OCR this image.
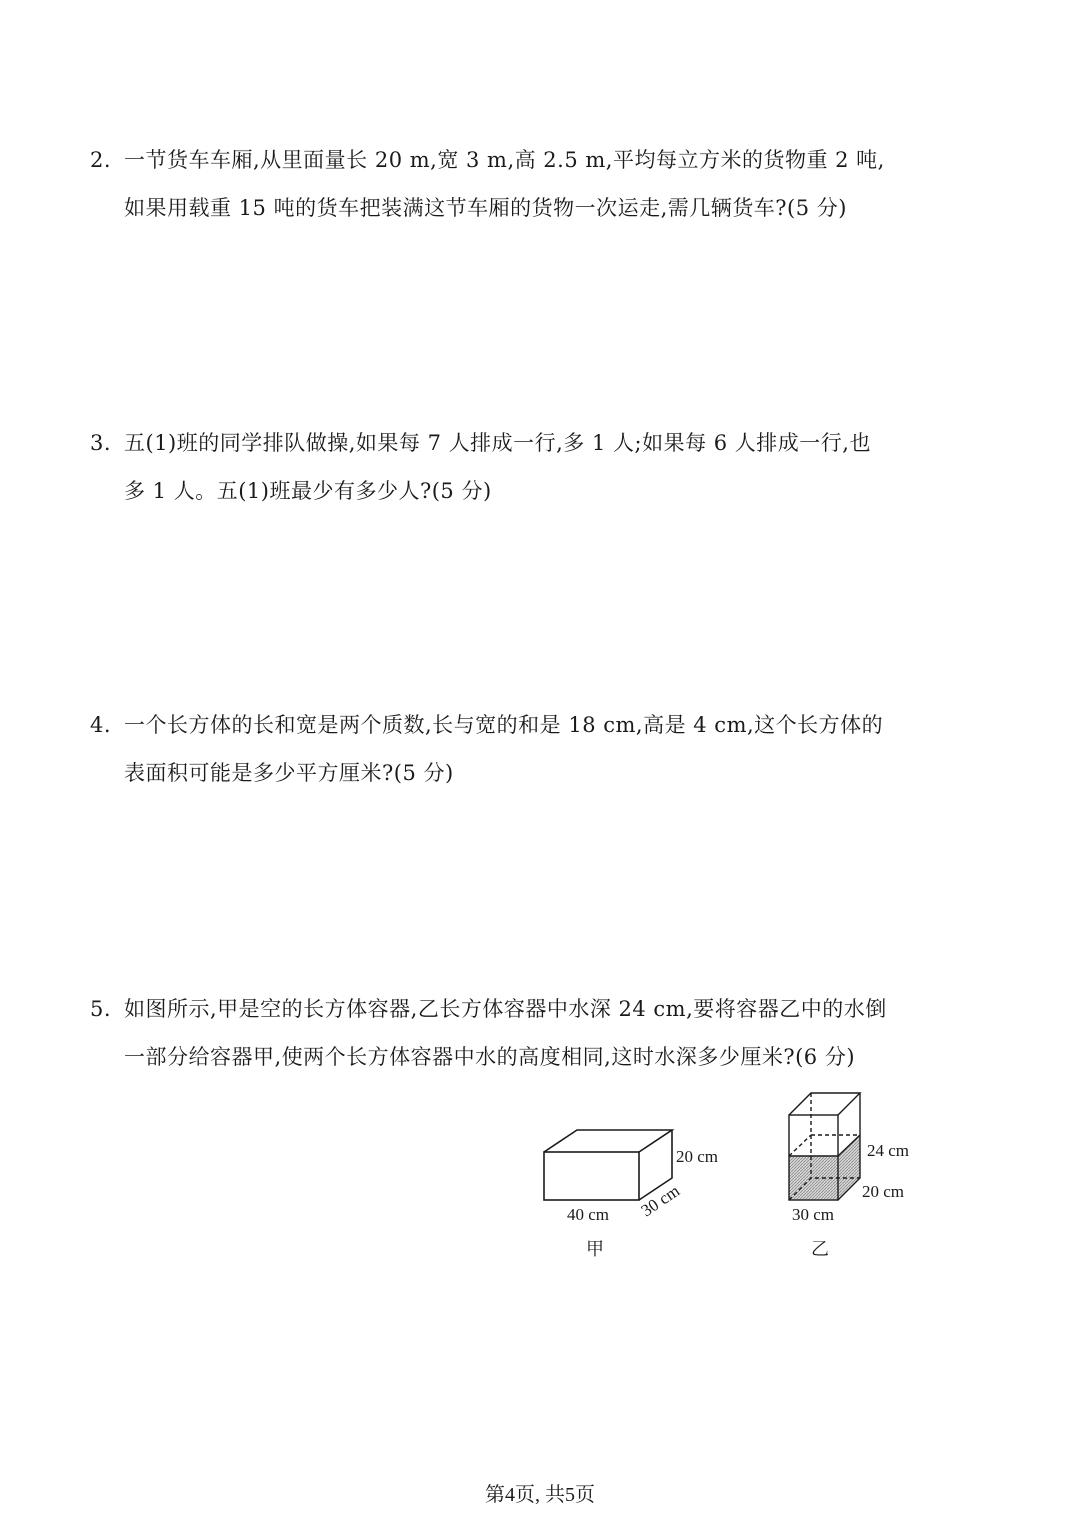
2. 一节货车车厢,从里面量长 20 m,宽 3 m,高 2.5 m,平均每立方米的货物重 2 吨,
如果用载重 15 吨的货车把装满这节车厢的货物一次运走,需几辆货车?(5 分)
3. 五(1)班的同学排队做操,如果每 7 人排成一行,多 1 人;如果每 6 人排成一行,也
多 1 人。五(1)班最少有多少人?(5 分)
4. 一个长方体的长和宽是两个质数,长与宽的和是 18 cm,高是 4 cm,这个长方体的
表面积可能是多少平方厘米?(5 分)
5. 如图所示,甲是空的长方体容器,乙长方体容器中水深 24 cm,要将容器乙中的水倒
一部分给容器甲,使两个长方体容器中水的高度相同,这时水深多少厘米?(6 分)
20 cm
30 cm
40 cm
甲
24 cm
20 cm
30 cm
乙
第4页, 共5页
